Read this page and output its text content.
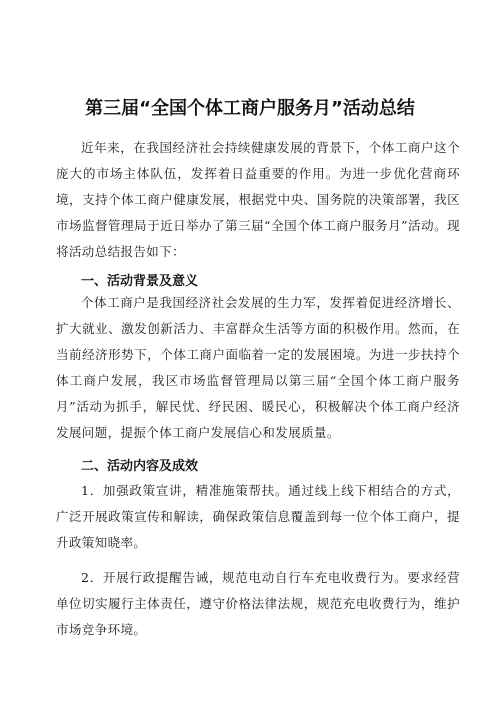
第三届“全国个体工商户服务月”活动总结

近年来，在我国经济社会持续健康发展的背景下，个体工商户这个庞大的市场主体队伍，发挥着日益重要的作用。为进一步优化营商环境，支持个体工商户健康发展，根据党中央、国务院的决策部署，我区市场监督管理局于近日举办了第三届“全国个体工商户服务月”活动。现将活动总结报告如下：

一、活动背景及意义

个体工商户是我国经济社会发展的生力军，发挥着促进经济增长、扩大就业、激发创新活力、丰富群众生活等方面的积极作用。然而，在当前经济形势下，个体工商户面临着一定的发展困境。为进一步扶持个体工商户发展，我区市场监督管理局以第三届“全国个体工商户服务月”活动为抓手，解民忧、纾民困、暖民心，积极解决个体工商户经济发展问题，提振个体工商户发展信心和发展质量。

二、活动内容及成效

1．加强政策宣讲，精准施策帮扶。通过线上线下相结合的方式，广泛开展政策宣传和解读，确保政策信息覆盖到每一位个体工商户，提升政策知晓率。

2．开展行政提醒告诫，规范电动自行车充电收费行为。要求经营单位切实履行主体责任，遵守价格法律法规，规范充电收费行为，维护市场竞争环境。
